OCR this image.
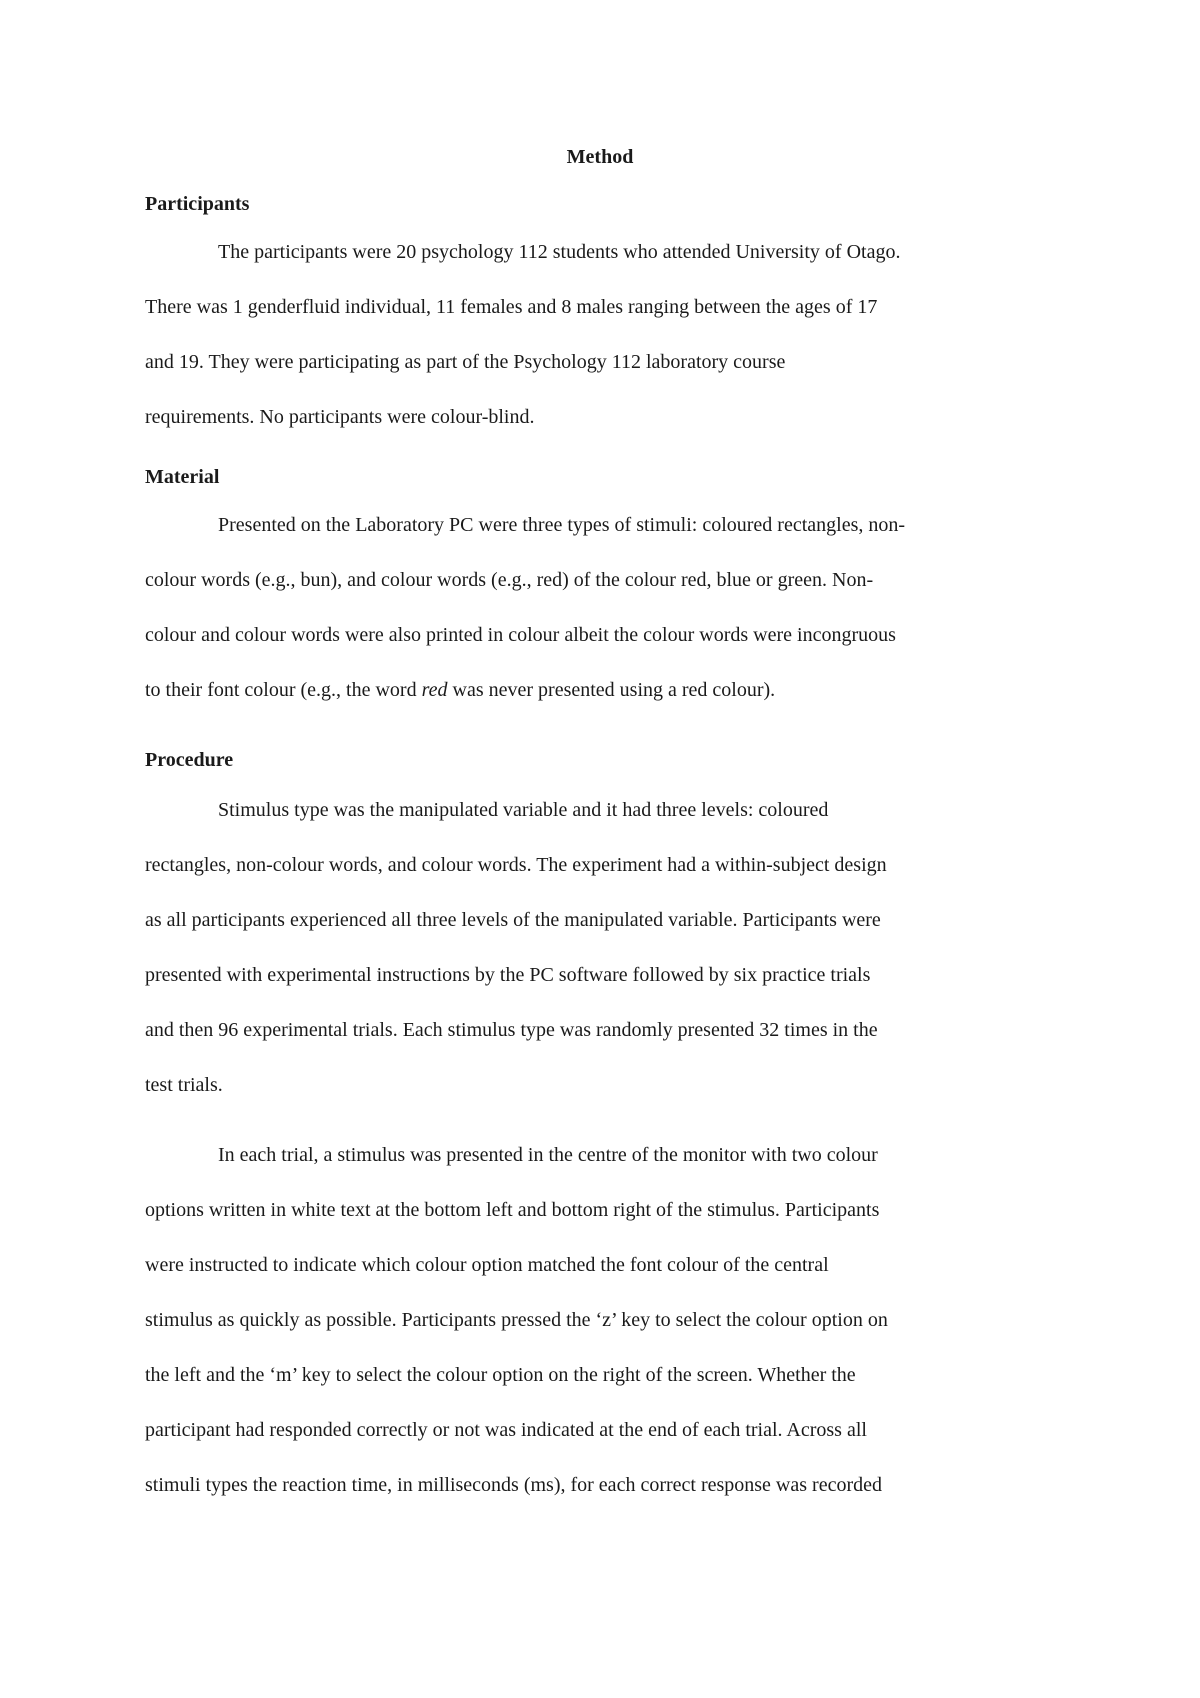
Method
Participants
The participants were 20 psychology 112 students who attended University of Otago.
There was 1 genderfluid individual, 11 females and 8 males ranging between the ages of 17
and 19. They were participating as part of the Psychology 112 laboratory course
requirements. No participants were colour-blind.
Material
Presented on the Laboratory PC were three types of stimuli: coloured rectangles, non-
colour words (e.g., bun), and colour words (e.g., red) of the colour red, blue or green. Non-
colour and colour words were also printed in colour albeit the colour words were incongruous
to their font colour (e.g., the word red was never presented using a red colour).
Procedure
Stimulus type was the manipulated variable and it had three levels: coloured
rectangles, non-colour words, and colour words. The experiment had a within-subject design
as all participants experienced all three levels of the manipulated variable. Participants were
presented with experimental instructions by the PC software followed by six practice trials
and then 96 experimental trials. Each stimulus type was randomly presented 32 times in the
test trials.
In each trial, a stimulus was presented in the centre of the monitor with two colour
options written in white text at the bottom left and bottom right of the stimulus. Participants
were instructed to indicate which colour option matched the font colour of the central
stimulus as quickly as possible. Participants pressed the ‘z’ key to select the colour option on
the left and the ‘m’ key to select the colour option on the right of the screen. Whether the
participant had responded correctly or not was indicated at the end of each trial. Across all
stimuli types the reaction time, in milliseconds (ms), for each correct response was recorded
